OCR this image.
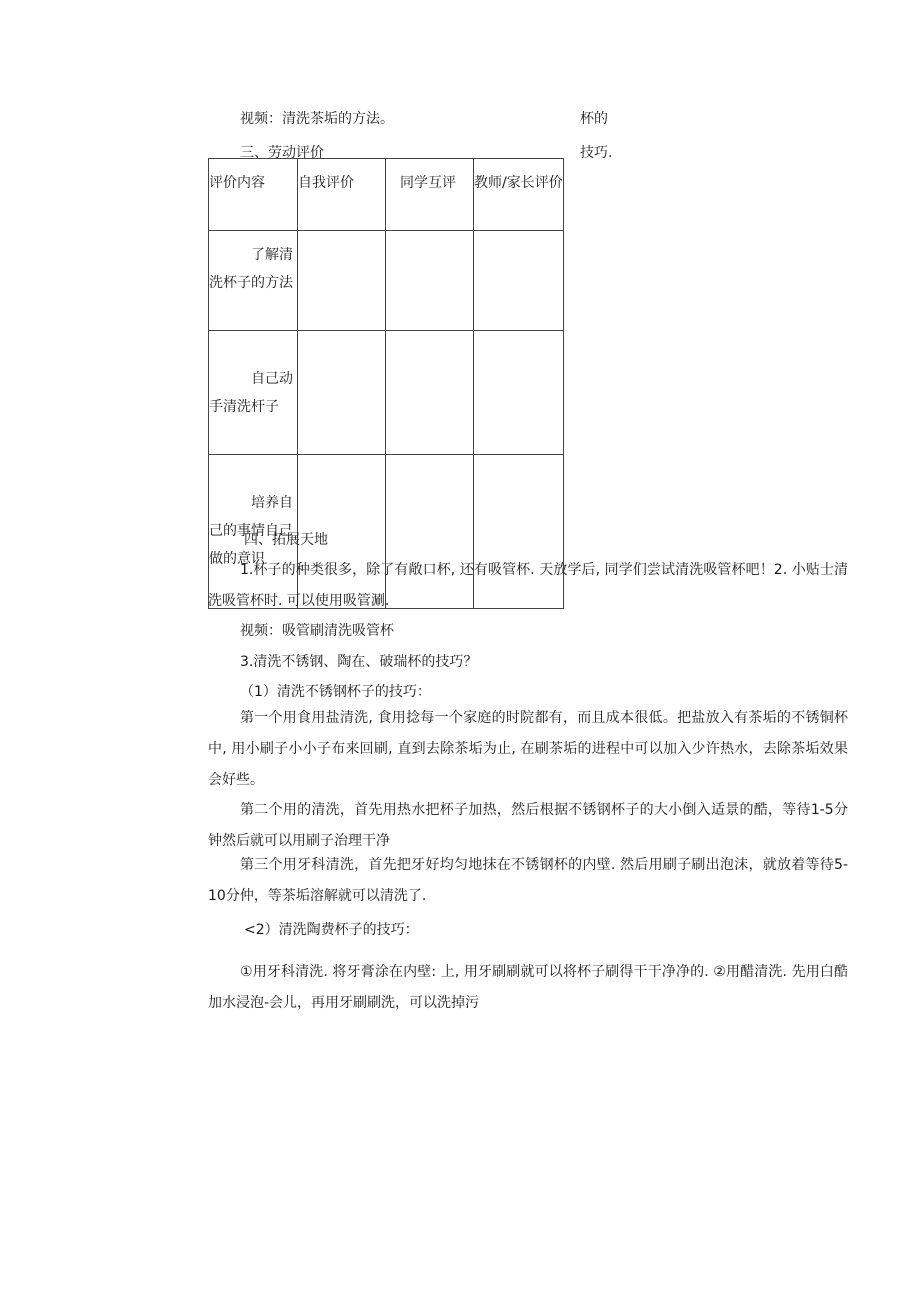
视频：清洗茶垢的方法。	杯的
三、劳动评价	技巧.
评价内容	自我评价	同学互评	教师/家长评价

了解清洗杯子的方法			

自己动手清洗杆子			

培养自己的事情自己做的意识			

四、拓展天地
1.杯子的种类很多，除了有敞口杯, 还有吸管杯. 天放学后, 同学们尝试清洗吸管杯吧！2. 小贴士清洗吸管杯时. 可以使用吸管涮.
视频：吸管刷清洗吸管杯
3.清洗不锈钢、陶在、破瑞杯的技巧？
（1）清洗不锈钢杯子的技巧：
第一个用食用盐清洗, 食用捻每一个家庭的时院都有，而且成本很低。把盐放入有茶垢的不锈铜杯中, 用小刷子小小子布来回刷, 直到去除茶垢为止, 在刷茶垢的进程中可以加入少许热水，去除茶垢效果会好些。
第二个用的清洗，首先用热水把杯子加热，然后根据不锈钢杯子的大小倒入适景的酷，等待1-5分钟然后就可以用刷子治理干净
第三个用牙科清洗，首先把牙好均匀地抹在不锈钢杯的内壁. 然后用刷子刷出泡沫，就放着等待5-10分仲，等茶垢溶解就可以清洗了.
<2）清洗陶费杯子的技巧：
①用牙科清洗. 将牙膏涂在内壁: 上, 用牙刷刷就可以将杯子刷得干干净净的. ②用醋清洗. 先用白酷加水浸泡-会儿，再用牙刷刷洗，可以洗掉污
